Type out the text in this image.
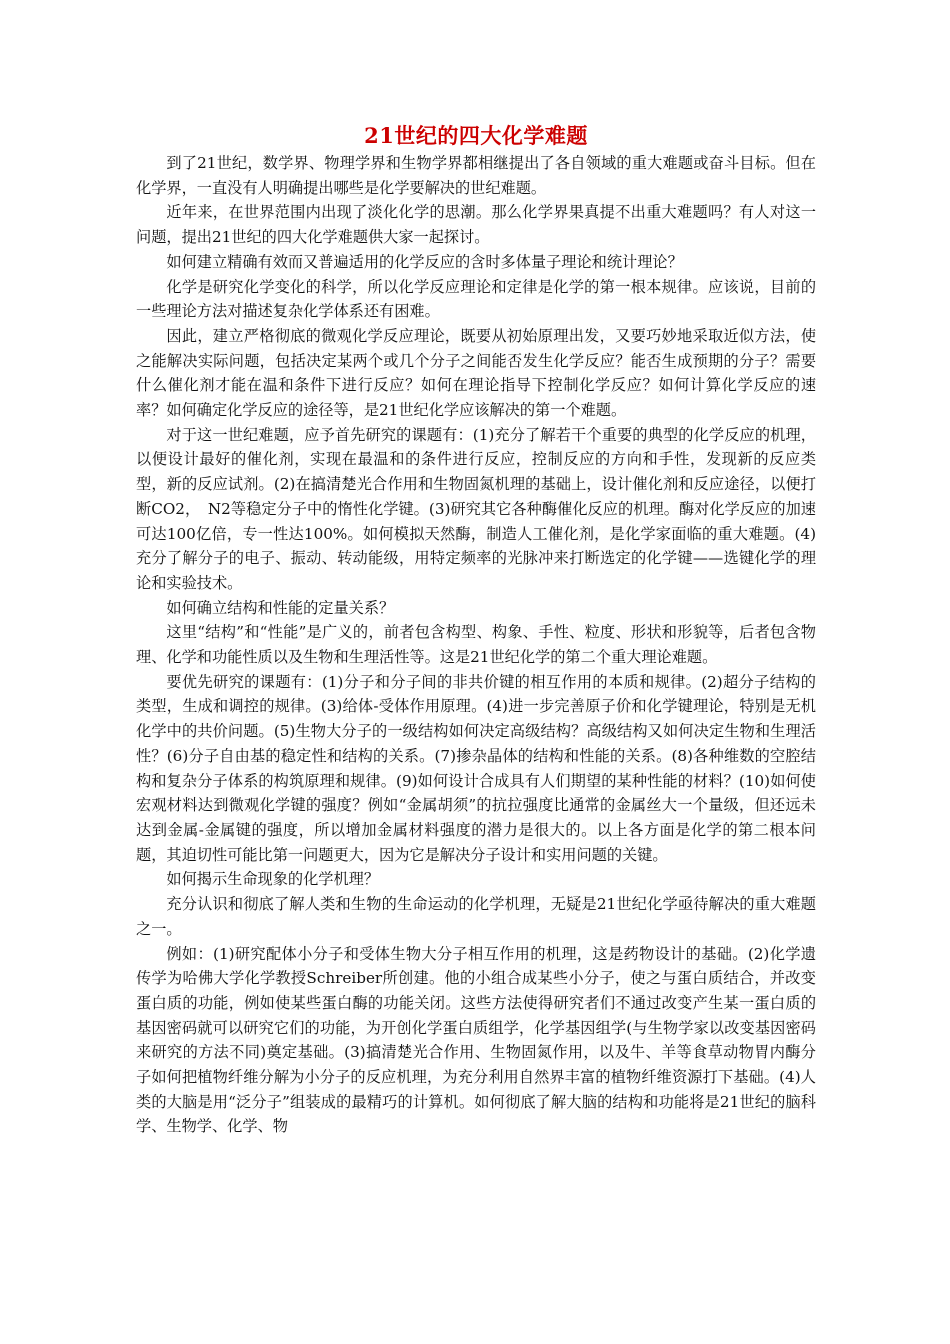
21世纪的四大化学难题

到了21世纪，数学界、物理学界和生物学界都相继提出了各自领域的重大难题或奋斗目标。但在化学界，一直没有人明确提出哪些是化学要解决的世纪难题。

近年来，在世界范围内出现了淡化化学的思潮。那么化学界果真提不出重大难题吗？有人对这一问题，提出21世纪的四大化学难题供大家一起探讨。

如何建立精确有效而又普遍适用的化学反应的含时多体量子理论和统计理论？

化学是研究化学变化的科学，所以化学反应理论和定律是化学的第一根本规律。应该说，目前的一些理论方法对描述复杂化学体系还有困难。

因此，建立严格彻底的微观化学反应理论，既要从初始原理出发，又要巧妙地采取近似方法，使之能解决实际问题，包括决定某两个或几个分子之间能否发生化学反应？能否生成预期的分子？需要什么催化剂才能在温和条件下进行反应？如何在理论指导下控制化学反应？如何计算化学反应的速率？如何确定化学反应的途径等，是21世纪化学应该解决的第一个难题。

对于这一世纪难题，应予首先研究的课题有：(1)充分了解若干个重要的典型的化学反应的机理，以便设计最好的催化剂，实现在最温和的条件进行反应，控制反应的方向和手性，发现新的反应类型，新的反应试剂。(2)在搞清楚光合作用和生物固氮机理的基础上，设计催化剂和反应途径，以便打断CO2，　N2等稳定分子中的惰性化学键。(3)研究其它各种酶催化反应的机理。酶对化学反应的加速可达100亿倍，专一性达100%。如何模拟天然酶，制造人工催化剂，是化学家面临的重大难题。(4)充分了解分子的电子、振动、转动能级，用特定频率的光脉冲来打断选定的化学键——选键化学的理论和实验技术。

如何确立结构和性能的定量关系？

这里“结构”和“性能”是广义的，前者包含构型、构象、手性、粒度、形状和形貌等，后者包含物理、化学和功能性质以及生物和生理活性等。这是21世纪化学的第二个重大理论难题。

要优先研究的课题有：(1)分子和分子间的非共价键的相互作用的本质和规律。(2)超分子结构的类型，生成和调控的规律。(3)给体-受体作用原理。(4)进一步完善原子价和化学键理论，特别是无机化学中的共价问题。(5)生物大分子的一级结构如何决定高级结构？高级结构又如何决定生物和生理活性？(6)分子自由基的稳定性和结构的关系。(7)掺杂晶体的结构和性能的关系。(8)各种维数的空腔结构和复杂分子体系的构筑原理和规律。(9)如何设计合成具有人们期望的某种性能的材料？(10)如何使宏观材料达到微观化学键的强度？例如“金属胡须”的抗拉强度比通常的金属丝大一个量级，但还远未达到金属-金属键的强度，所以增加金属材料强度的潜力是很大的。以上各方面是化学的第二根本问题，其迫切性可能比第一问题更大，因为它是解决分子设计和实用问题的关键。

如何揭示生命现象的化学机理？

充分认识和彻底了解人类和生物的生命运动的化学机理，无疑是21世纪化学亟待解决的重大难题之一。

例如：(1)研究配体小分子和受体生物大分子相互作用的机理，这是药物设计的基础。(2)化学遗传学为哈佛大学化学教授Schreiber所创建。他的小组合成某些小分子，使之与蛋白质结合，并改变蛋白质的功能，例如使某些蛋白酶的功能关闭。这些方法使得研究者们不通过改变产生某一蛋白质的基因密码就可以研究它们的功能，为开创化学蛋白质组学，化学基因组学(与生物学家以改变基因密码来研究的方法不同)奠定基础。(3)搞清楚光合作用、生物固氮作用，以及牛、羊等食草动物胃内酶分子如何把植物纤维分解为小分子的反应机理，为充分利用自然界丰富的植物纤维资源打下基础。(4)人类的大脑是用“泛分子”组装成的最精巧的计算机。如何彻底了解大脑的结构和功能将是21世纪的脑科学、生物学、化学、物
